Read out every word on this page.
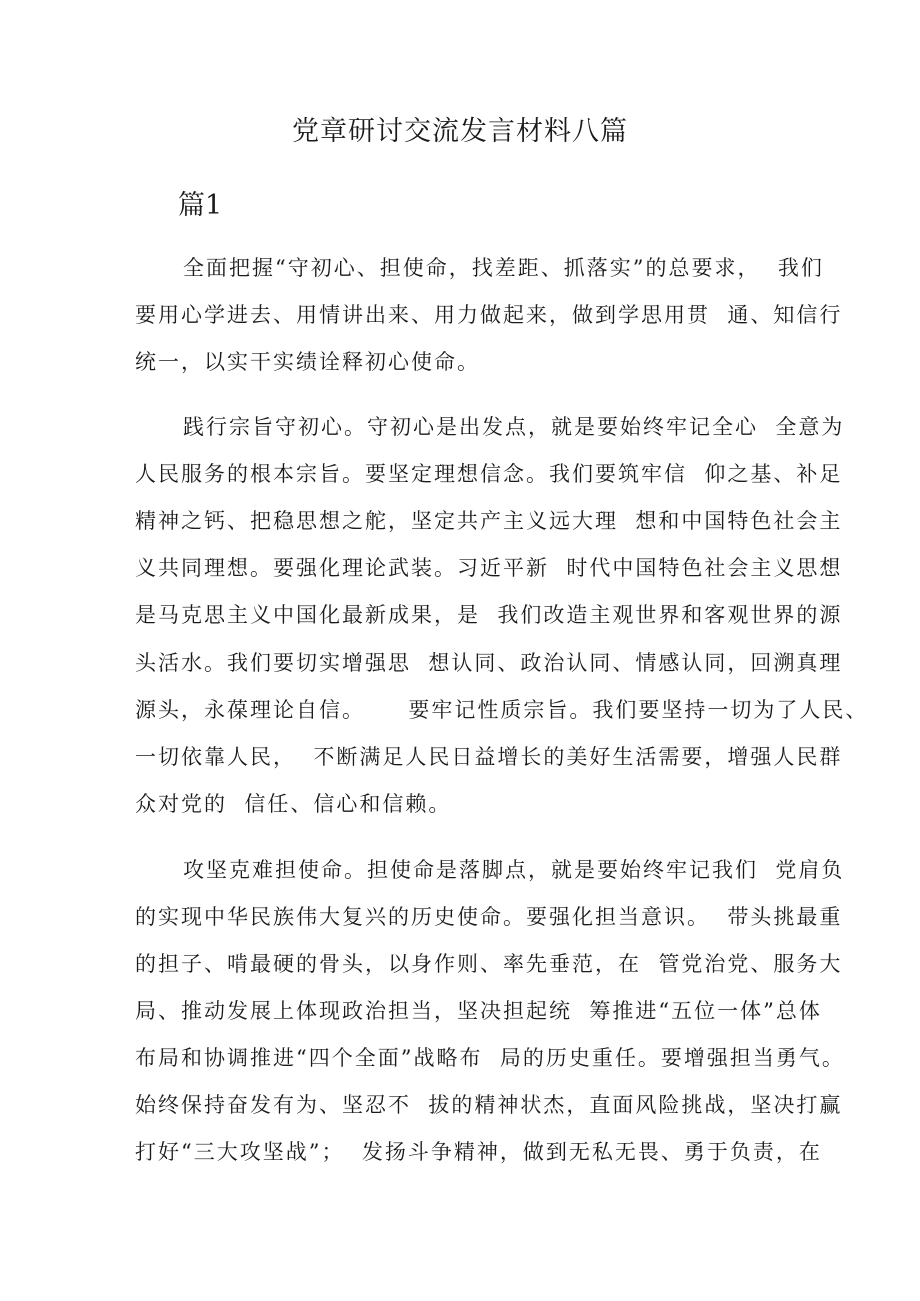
党章研讨交流发言材料八篇
篇1
全面把握“守初心、担使命，找差距、抓落实”的总要求，  我们
要用心学进去、用情讲出来、用力做起来，做到学思用贯  通、知信行
统一，以实干实绩诠释初心使命。
践行宗旨守初心。守初心是出发点，就是要始终牢记全心  全意为
人民服务的根本宗旨。要坚定理想信念。我们要筑牢信  仰之基、补足
精神之钙、把稳思想之舵，坚定共产主义远大理  想和中国特色社会主
义共同理想。要强化理论武装。习近平新  时代中国特色社会主义思想
是马克思主义中国化最新成果，是  我们改造主观世界和客观世界的源
头活水。我们要切实增强思  想认同、政治认同、情感认同，回溯真理
源头，永葆理论自信。     要牢记性质宗旨。我们要坚持一切为了人民、
一切依靠人民，  不断满足人民日益增长的美好生活需要，增强人民群
众对党的  信任、信心和信赖。
攻坚克难担使命。担使命是落脚点，就是要始终牢记我们  党肩负
的实现中华民族伟大复兴的历史使命。要强化担当意识。  带头挑最重
的担子、啃最硬的骨头，以身作则、率先垂范，在  管党治党、服务大
局、推动发展上体现政治担当，坚决担起统  筹推进“五位一体”总体
布局和协调推进“四个全面”战略布  局的历史重任。要增强担当勇气。
始终保持奋发有为、坚忍不  拔的精神状杰，直面风险挑战，坚决打赢
打好“三大攻坚战”；  发扬斗争精神，做到无私无畏、勇于负责，在
